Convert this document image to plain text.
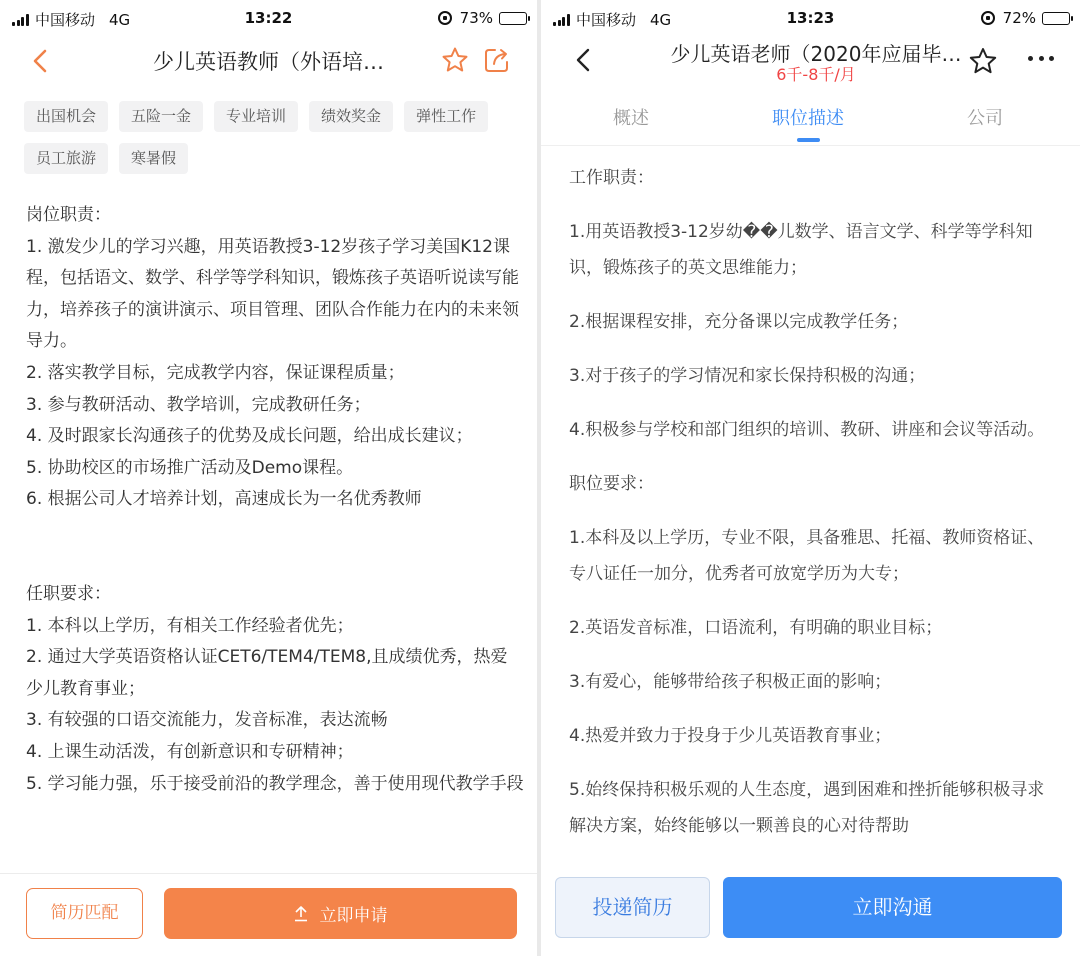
中国移动 4G	13:22	73%
少儿英语教师（外语培…
出国机会	五险一金	专业培训	绩效奖金	弹性工作
员工旅游	寒暑假

岗位职责：

1. 激发少儿的学习兴趣，用英语教授3-12岁孩子学习美国K12课程，包括语文、数学、科学等学科知识，锻炼孩子英语听说读写能力，培养孩子的演讲演示、项目管理、团队合作能力在内的未来领导力。

2. 落实教学目标，完成教学内容，保证课程质量；

3. 参与教研活动、教学培训，完成教研任务；

4. 及时跟家长沟通孩子的优势及成长问题，给出成长建议；

5. 协助校区的市场推广活动及Demo课程。

6. 根据公司人才培养计划，高速成长为一名优秀教师

任职要求：

1. 本科以上学历，有相关工作经验者优先；

2. 通过大学英语资格认证CET6/TEM4/TEM8,且成绩优秀，热爱少儿教育事业；

3. 有较强的口语交流能力，发音标准，表达流畅

4. 上课生动活泼，有创新意识和专研精神；

5. 学习能力强，乐于接受前沿的教学理念，善于使用现代教学手段

简历匹配	立即申请
中国移动 4G	13:23	72%
少儿英语老师（2020年应届毕…
6千-8千/月
概述	职位描述	公司

工作职责：

1.用英语教授3-12岁幼��儿数学、语言文学、科学等学科知识，锻炼孩子的英文思维能力；

2.根据课程安排，充分备课以完成教学任务；

3.对于孩子的学习情况和家长保持积极的沟通；

4.积极参与学校和部门组织的培训、教研、讲座和会议等活动。

职位要求：

1.本科及以上学历，专业不限，具备雅思、托福、教师资格证、专八证任一加分，优秀者可放宽学历为大专；

2.英语发音标准，口语流利，有明确的职业目标；

3.有爱心，能够带给孩子积极正面的影响；

4.热爱并致力于投身于少儿英语教育事业；

5.始终保持积极乐观的人生态度，遇到困难和挫折能够积极寻求解决方案，始终能够以一颗善良的心对待帮助

投递简历	立即沟通
